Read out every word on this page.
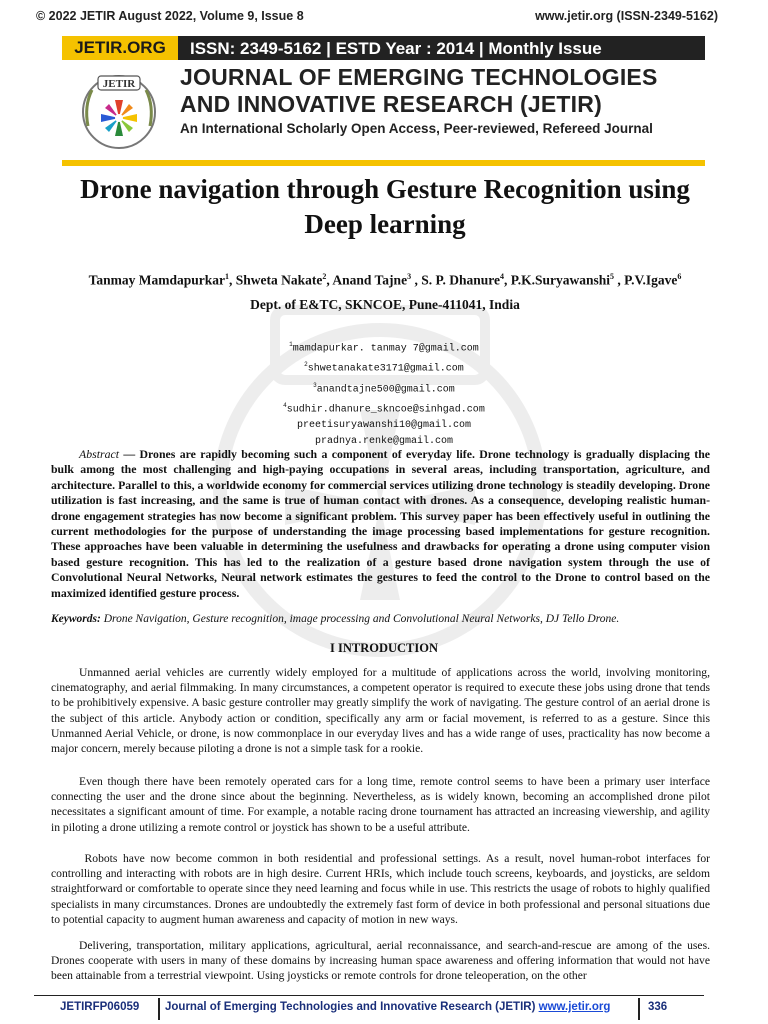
© 2022 JETIR August 2022, Volume 9, Issue 8	www.jetir.org (ISSN-2349-5162)
JETIR.ORG	ISSN: 2349-5162 | ESTD Year : 2014 | Monthly Issue
JETIR JOURNAL OF EMERGING TECHNOLOGIES AND INNOVATIVE RESEARCH (JETIR)
An International Scholarly Open Access, Peer-reviewed, Refereed Journal
Drone navigation through Gesture Recognition using Deep learning
Tanmay Mamdapurkar$^1$, Shweta Nakate$^2$, Anand Tajne$^3$ , S. P. Dhanure$^4$, P.K.Suryawanshi$^5$ , P.V.Igave$^6$
Dept. of E&TC, SKNCOE, Pune-411041, India
$^1$mamdapurkar. tanmay 7@gmail.com
$^2$shwetanakate3171@gmail.com
$^3$anandtajne500@gmail.com
$^4$sudhir.dhanure_skncoe@sinhgad.com
preetisuryawanshi10@gmail.com
pradnya.renke@gmail.com
Abstract — Drones are rapidly becoming such a component of everyday life. Drone technology is gradually displacing the bulk among the most challenging and high-paying occupations in several areas, including transportation, agriculture, and architecture. Parallel to this, a worldwide economy for commercial services utilizing drone technology is steadily developing. Drone utilization is fast increasing, and the same is true of human contact with drones. As a consequence, developing realistic human-drone engagement strategies has now become a significant problem. This survey paper has been effectively useful in outlining the current methodologies for the purpose of understanding the image processing based implementations for gesture recognition. These approaches have been valuable in determining the usefulness and drawbacks for operating a drone using computer vision based gesture recognition. This has led to the realization of a gesture based drone navigation system through the use of Convolutional Neural Networks, Neural network estimates the gestures to feed the control to the Drone to control based on the maximized identified gesture process.
Keywords: Drone Navigation, Gesture recognition, image processing and Convolutional Neural Networks, DJ Tello Drone.
I INTRODUCTION
Unmanned aerial vehicles are currently widely employed for a multitude of applications across the world, involving monitoring, cinematography, and aerial filmmaking. In many circumstances, a competent operator is required to execute these jobs using drone that tends to be prohibitively expensive. A basic gesture controller may greatly simplify the work of navigating. The gesture control of an aerial drone is the subject of this article. Anybody action or condition, specifically any arm or facial movement, is referred to as a gesture. Since this Unmanned Aerial Vehicle, or drone, is now commonplace in our everyday lives and has a wide range of uses, practicality has now become a major concern, merely because piloting a drone is not a simple task for a rookie.
Even though there have been remotely operated cars for a long time, remote control seems to have been a primary user interface connecting the user and the drone since about the beginning. Nevertheless, as is widely known, becoming an accomplished drone pilot necessitates a significant amount of time. For example, a notable racing drone tournament has attracted an increasing viewership, and agility in piloting a drone utilizing a remote control or joystick has shown to be a useful attribute.
Robots have now become common in both residential and professional settings. As a result, novel human-robot interfaces for controlling and interacting with robots are in high desire. Current HRIs, which include touch screens, keyboards, and joysticks, are seldom straightforward or comfortable to operate since they need learning and focus while in use. This restricts the usage of robots to highly qualified specialists in many circumstances. Drones are undoubtedly the extremely fast form of device in both professional and personal situations due to potential capacity to augment human awareness and capacity of motion in new ways.
Delivering, transportation, military applications, agricultural, aerial reconnaissance, and search-and-rescue are among of the uses. Drones cooperate with users in many of these domains by increasing human space awareness and offering information that would not have been attainable from a terrestrial viewpoint. Using joysticks or remote controls for drone teleoperation, on the other
JETIRFP06059 Journal of Emerging Technologies and Innovative Research (JETIR) www.jetir.org	336
